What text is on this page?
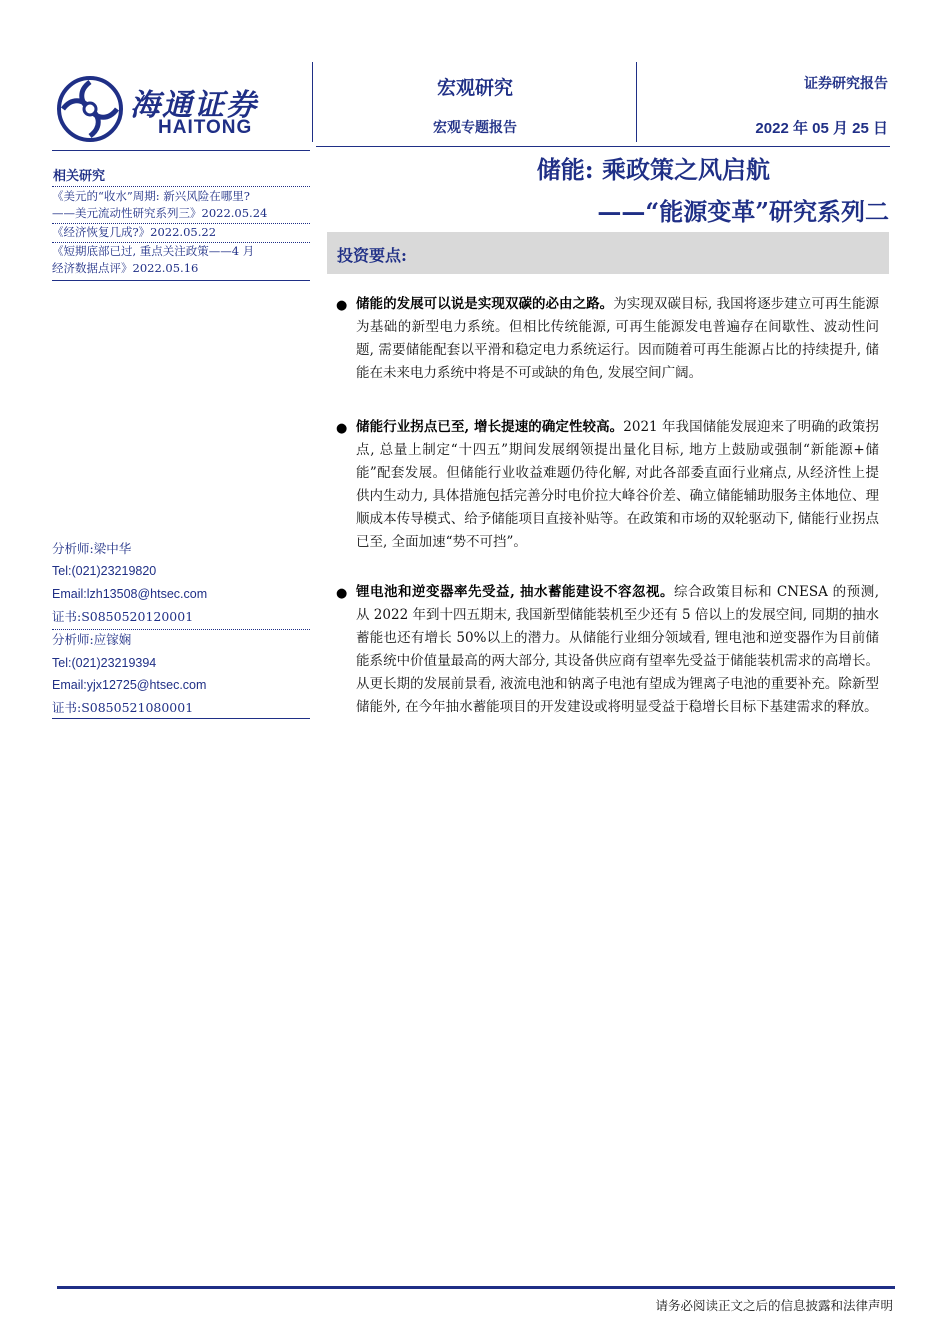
海通证券
HAITONG
宏观研究
宏观专题报告
证券研究报告
2022 年 05 月 25 日
相关研究
《美元的“收水”周期: 新兴风险在哪里?
——美元流动性研究系列三》2022.05.24
《经济恢复几成?》2022.05.22
《短期底部已过, 重点关注政策——4 月
经济数据点评》2022.05.16
分析师:梁中华
Tel:(021)23219820
Email:lzh13508@htsec.com
证书:S0850520120001
分析师:应镓娴
Tel:(021)23219394
Email:yjx12725@htsec.com
证书:S0850521080001
储能: 乘政策之风启航
——“能源变革”研究系列二
投资要点:
● 储能的发展可以说是实现双碳的必由之路。为实现双碳目标, 我国将逐步建立可再生能源为基础的新型电力系统。但相比传统能源, 可再生能源发电普遍存在间歇性、波动性问题, 需要储能配套以平滑和稳定电力系统运行。因而随着可再生能源占比的持续提升, 储能在未来电力系统中将是不可或缺的角色, 发展空间广阔。
● 储能行业拐点已至, 增长提速的确定性较高。2021 年我国储能发展迎来了明确的政策拐点, 总量上制定“十四五”期间发展纲领提出量化目标, 地方上鼓励或强制“新能源+储能”配套发展。但储能行业收益难题仍待化解, 对此各部委直面行业痛点, 从经济性上提供内生动力, 具体措施包括完善分时电价拉大峰谷价差、确立储能辅助服务主体地位、理顺成本传导模式、给予储能项目直接补贴等。在政策和市场的双轮驱动下, 储能行业拐点已至, 全面加速“势不可挡”。
● 锂电池和逆变器率先受益, 抽水蓄能建设不容忽视。综合政策目标和 CNESA 的预测, 从 2022 年到十四五期末, 我国新型储能装机至少还有 5 倍以上的发展空间, 同期的抽水蓄能也还有增长 50%以上的潜力。从储能行业细分领域看, 锂电池和逆变器作为目前储能系统中价值量最高的两大部分, 其设备供应商有望率先受益于储能装机需求的高增长。从更长期的发展前景看, 液流电池和钠离子电池有望成为锂离子电池的重要补充。除新型储能外, 在今年抽水蓄能项目的开发建设或将明显受益于稳增长目标下基建需求的释放。
请务必阅读正文之后的信息披露和法律声明
